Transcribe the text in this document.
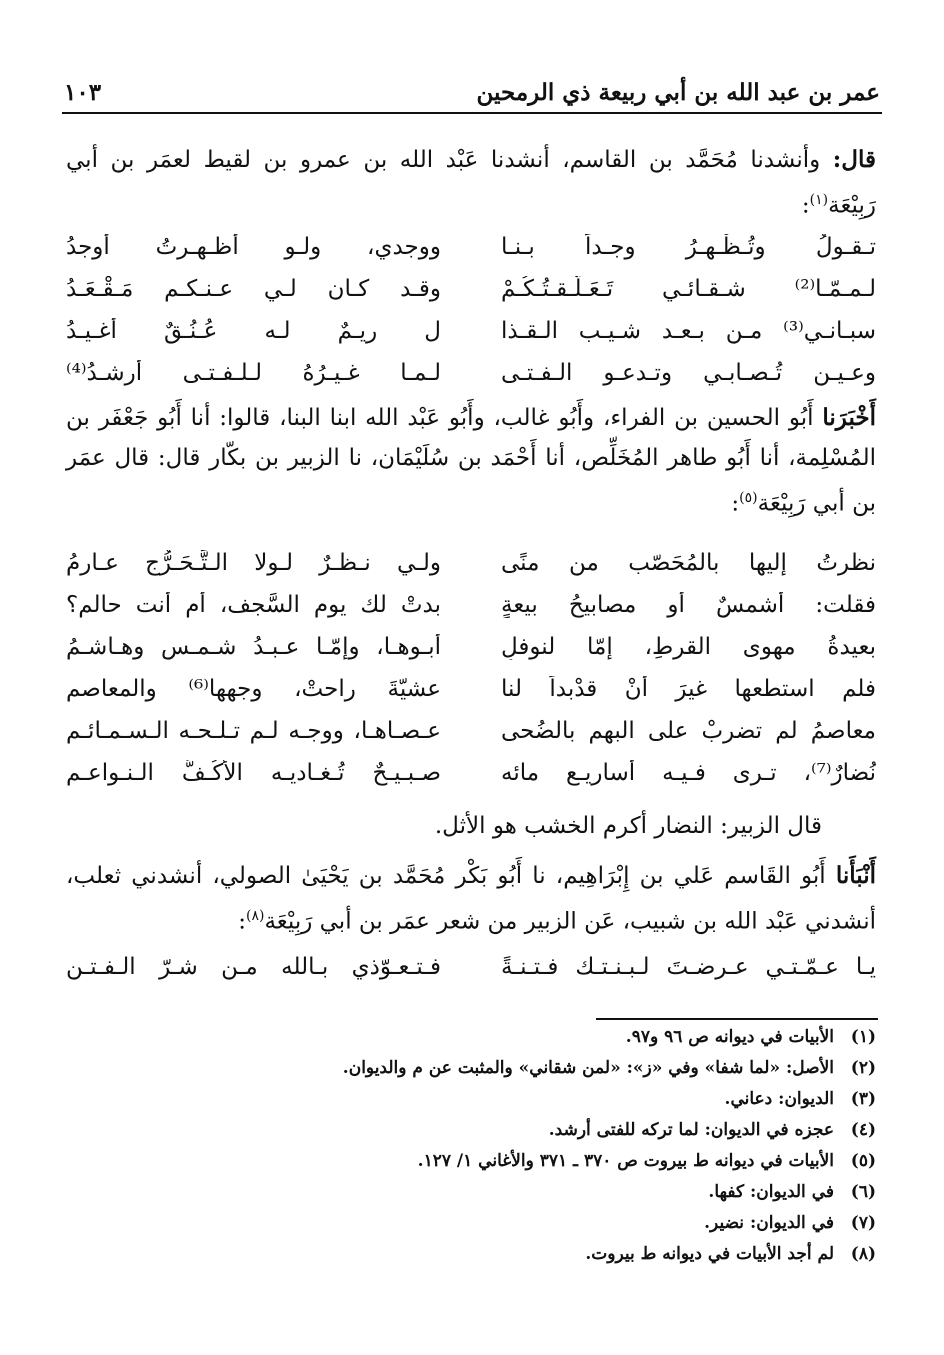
عمر بن عبد الله بن أبي ربيعة ذي الرمحين
١٠٣
قال: وأنشدنا مُحَمَّد بن القاسم، أنشدنا عَبْد الله بن عمرو بن لقيط لعمَر بن أبي رَبِيْعَة$^{(١)}$:
تـقـولُ وتُـظْـهِـرُ وجـداً بـنـا
ووجدي، ولـو أظـهـرتُ أوجدُ
لـمـمّـا⁽²⁾ شـقـائـي تَـعَـلُّـقـتُـكُـمْ
وقـد كـان لـي عـنـكـم مَـقْـعَـدُ
سبـانـي⁽³⁾ مـن بـعـد شـيـب الـقـذا
ل ريـمٌ لـه عُـنُـقٌ أغـيـدُ
وعـيـن تُـصـابـي وتـدعـو الـفـتـى
لـمـا غـيـرُهُ لـلـفـتـى أرشـدُ⁽⁴⁾
أَخْبَرَنا أَبُو الحسين بن الفراء، وأَبُو غالب، وأَبُو عَبْد الله ابنا البنا، قالوا: أنا أَبُو جَعْفَر بن المُسْلِمة، أنا أَبُو طاهر المُخَلِّص، أنا أَحْمَد بن سُلَيْمَان، نا الزبير بن بكّار قال: قال عمَر بن أبي رَبِيْعَة$^{(٥)}$:
نظرتُ إليها بالمُحَصّب من منًى
ولـي نـظـرٌ لـولا الـتَّـحَـرُّج عـارمُ
فقلت: أشمسٌ أو مصابيحُ بيعةٍ
بدتْ لك يوم السَّجف، أم أنت حالم؟
بعيدةُ مهوى القرطِ، إمّا لنوفلٍ
أبـوهـا، وإمّـا عـبـدُ شـمـسٍ وهـاشـمُ
فلم استطعها غيرَ أنْ قدْبداً لنا
عشيّةَ راحتْ، وجهها⁽⁶⁾ والمعاصم
معاصمُ لم تضربْ على البهم بالضُحى
عـصـاهـا، ووجـه لـم تـلـحـه الـسـمـائـم
نُضارٌ⁽⁷⁾، تـرى فـيـه أساريـع مائه
صـبـيـحٌ تُـغـاديـه الأكُـفُّ الـنـواعـم
قال الزبير: النضار أكرم الخشب هو الأثل.
أَنْبَأَنا أَبُو القَاسم عَلي بن إِبْرَاهِيم، نا أَبُو بَكْر مُحَمَّد بن يَحْيَىٰ الصولي، أنشدني ثعلب، أنشدني عَبْد الله بن شبيب، عَن الزبير من شعر عمَر بن أبي رَبِيْعَة$^{(٨)}$:
يـا عـمّـتـي عـرضـتَ لـبـنـتـك فـتـنـةً
فـتـعـوّذي بـالله مـن شـرّ الـفـتـن
(١)
الأبيات في ديوانه ص ٩٦ و٩٧.
(٢)
الأصل: «لما شفا» وفي «ز»: «لمن شقاني» والمثبت عن م والديوان.
(٣)
الديوان: دعاني.
(٤)
عجزه في الديوان: لما تركه للفتى أرشد.
(٥)
الأبيات في ديوانه ط بيروت ص ٣٧٠ ـ ٣٧١ والأغاني ١/ ١٢٧.
(٦)
في الديوان: كفها.
(٧)
في الديوان: نضير.
(٨)
لم أجد الأبيات في ديوانه ط بيروت.
